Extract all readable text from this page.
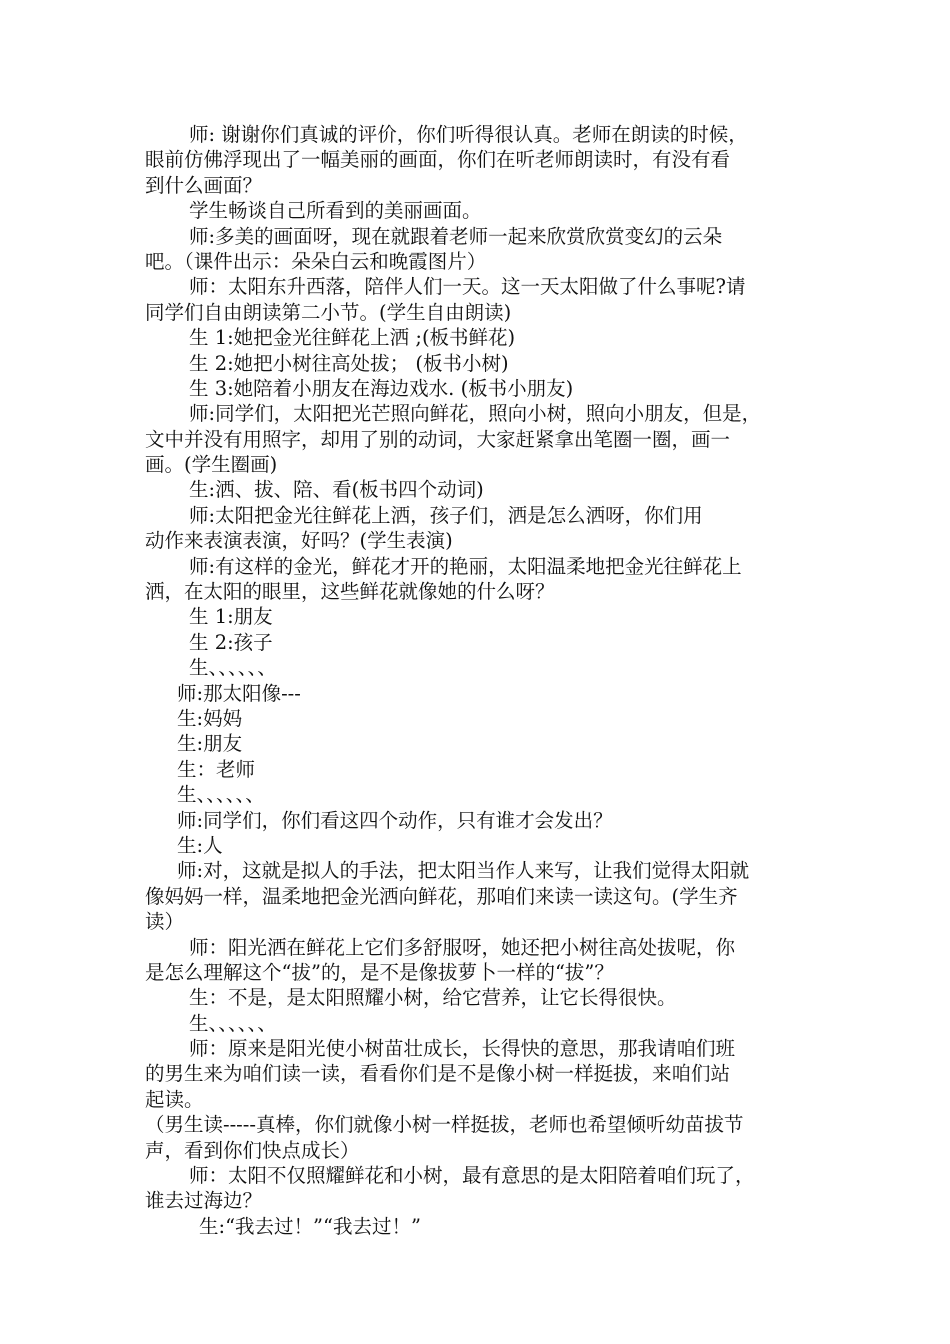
师: 谢谢你们真诚的评价，你们听得很认真。老师在朗读的时候，
眼前仿佛浮现出了一幅美丽的画面，你们在听老师朗读时，有没有看
到什么画面？
学生畅谈自己所看到的美丽画面。
师:多美的画面呀，现在就跟着老师一起来欣赏欣赏变幻的云朵
吧。（课件出示：朵朵白云和晚霞图片）
师：太阳东升西落，陪伴人们一天。这一天太阳做了什么事呢?请
同学们自由朗读第二小节。(学生自由朗读)
生 1:她把金光往鲜花上洒 ;(板书鲜花)
生 2:她把小树往高处拔； (板书小树)
生 3:她陪着小朋友在海边戏水. (板书小朋友)
师:同学们，太阳把光芒照向鲜花，照向小树，照向小朋友，但是，
文中并没有用照字，却用了别的动词，大家赶紧拿出笔圈一圈，画一
画。(学生圈画)
生:洒、拔、陪、看(板书四个动词)
师:太阳把金光往鲜花上洒，孩子们，洒是怎么洒呀，你们用
动作来表演表演，好吗？(学生表演)
师:有这样的金光，鲜花才开的艳丽，太阳温柔地把金光往鲜花上
洒，在太阳的眼里，这些鲜花就像她的什么呀？
生 1:朋友
生 2:孩子
生、、、、、、
师:那太阳像---
生:妈妈
生:朋友
生：老师
生、、、、、、
师:同学们，你们看这四个动作，只有谁才会发出？
生:人
师:对，这就是拟人的手法，把太阳当作人来写，让我们觉得太阳就
像妈妈一样，温柔地把金光洒向鲜花，那咱们来读一读这句。(学生齐
读）
师：阳光洒在鲜花上它们多舒服呀，她还把小树往高处拔呢，你
是怎么理解这个“拔”的，是不是像拔萝卜一样的“拔”？
生：不是，是太阳照耀小树，给它营养，让它长得很快。
生、、、、、、
师：原来是阳光使小树苗壮成长，长得快的意思，那我请咱们班
的男生来为咱们读一读，看看你们是不是像小树一样挺拔，来咱们站
起读。
（男生读-----真棒，你们就像小树一样挺拔，老师也希望倾听幼苗拔节
声，看到你们快点成长）
师：太阳不仅照耀鲜花和小树，最有意思的是太阳陪着咱们玩了，
谁去过海边？
生:“我去过！”“我去过！”
